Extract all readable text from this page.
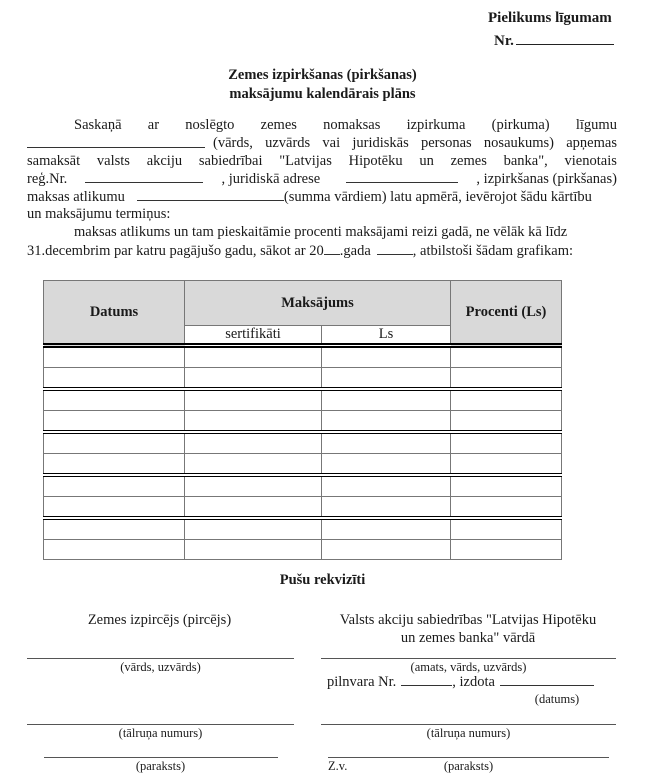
Pielikums līgumam
Nr.
Zemes izpirkšanas (pirkšanas)
maksājumu kalendārais plāns
Saskaņā ar noslēgto zemes nomaksas izpirkuma (pirkuma) līgumu
(vārds, uzvārds vai juridiskās personas nosaukums) apņemas
samaksāt valsts akciju sabiedrībai "Latvijas Hipotēku un zemes banka", vienotais
reģ.Nr.	, juridiskā adrese	, izpirkšanas (pirkšanas)
maksas atlikumu	(summa vārdiem) latu apmērā, ievērojot šādu kārtību
un maksājumu termiņus:
maksas atlikums un tam pieskaitāmie procenti maksājami reizi gadā, ne vēlāk kā līdz
31.decembrim par katru pagājušo gadu, sākot ar 20 .gada	, atbilstoši šādam grafikam:
Datums	Maksājums		Procenti (Ls)
	sertifikāti	Ls	

Pušu rekvizīti
Zemes izpircējs (pircējs)	Valsts akciju sabiedrības "Latvijas Hipotēku
un zemes banka" vārdā
(vārds, uzvārds)
(tālruņa numurs)
(paraksts)
(amats, vārds, uzvārds)
pilnvara Nr.	, izdota
(datums)
(tālruņa numurs)
Z.v.	(paraksts)
